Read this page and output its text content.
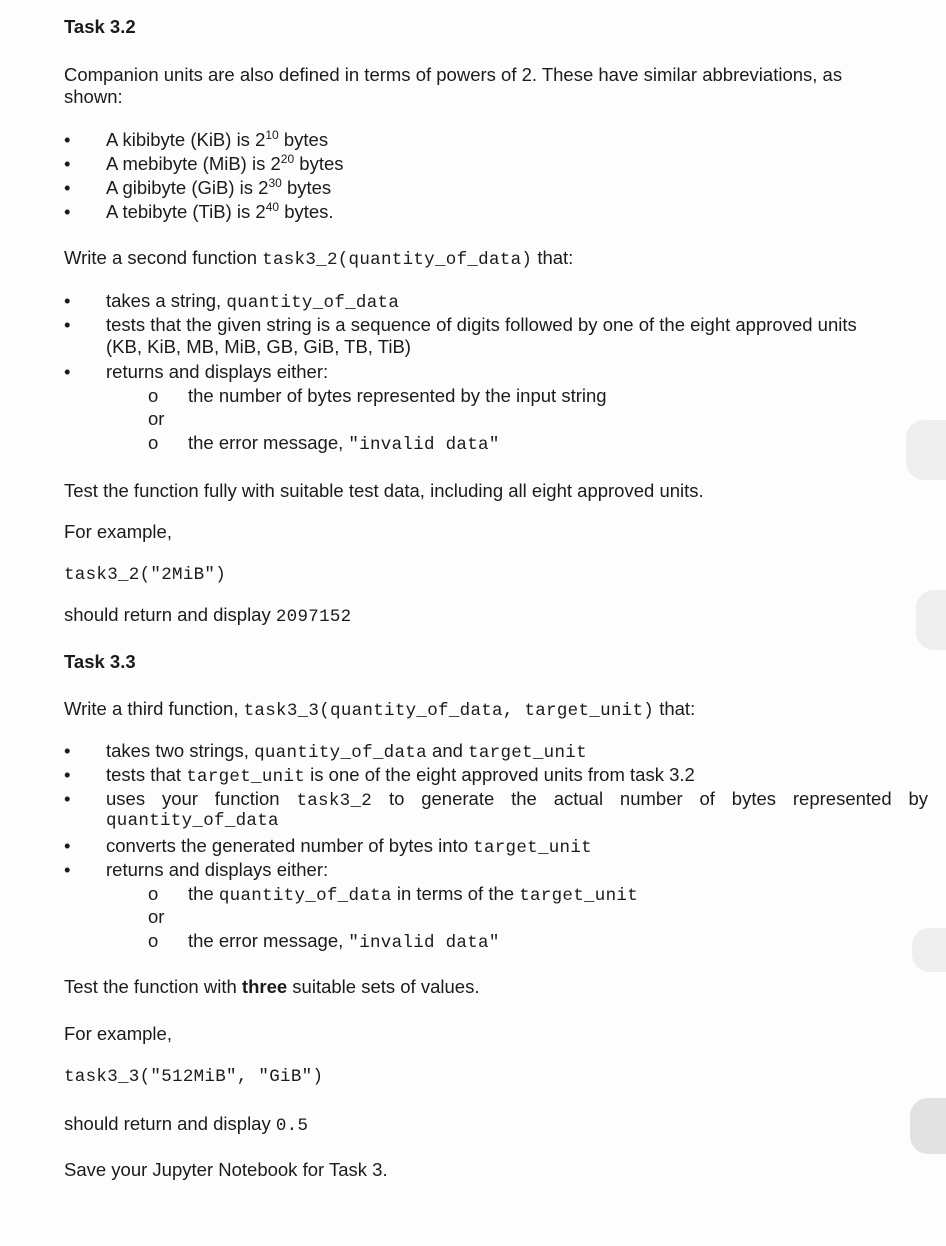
Task 3.2
Companion units are also defined in terms of powers of 2. These have similar abbreviations, as
shown:
• A kibibyte (KiB) is $2^{10}$ bytes
• A mebibyte (MiB) is $2^{20}$ bytes
• A gibibyte (GiB) is $2^{30}$ bytes
• A tebibyte (TiB) is $2^{40}$ bytes.
Write a second function task3_2(quantity_of_data) that:
• takes a string, quantity_of_data
• tests that the given string is a sequence of digits followed by one of the eight approved units
(KB, KiB, MB, MiB, GB, GiB, TB, TiB)
• returns and displays either:
o the number of bytes represented by the input string
or
o the error message, "invalid data"
Test the function fully with suitable test data, including all eight approved units.
For example,
task3_2("2MiB")
should return and display 2097152
Task 3.3
Write a third function, task3_3(quantity_of_data, target_unit) that:
• takes two strings, quantity_of_data and target_unit
• tests that target_unit is one of the eight approved units from task 3.2
• uses your function task3_2 to generate the actual number of bytes represented by
quantity_of_data
• converts the generated number of bytes into target_unit
• returns and displays either:
o the quantity_of_data in terms of the target_unit
or
o the error message, "invalid data"
Test the function with three suitable sets of values.
For example,
task3_3("512MiB", "GiB")
should return and display 0.5
Save your Jupyter Notebook for Task 3.
